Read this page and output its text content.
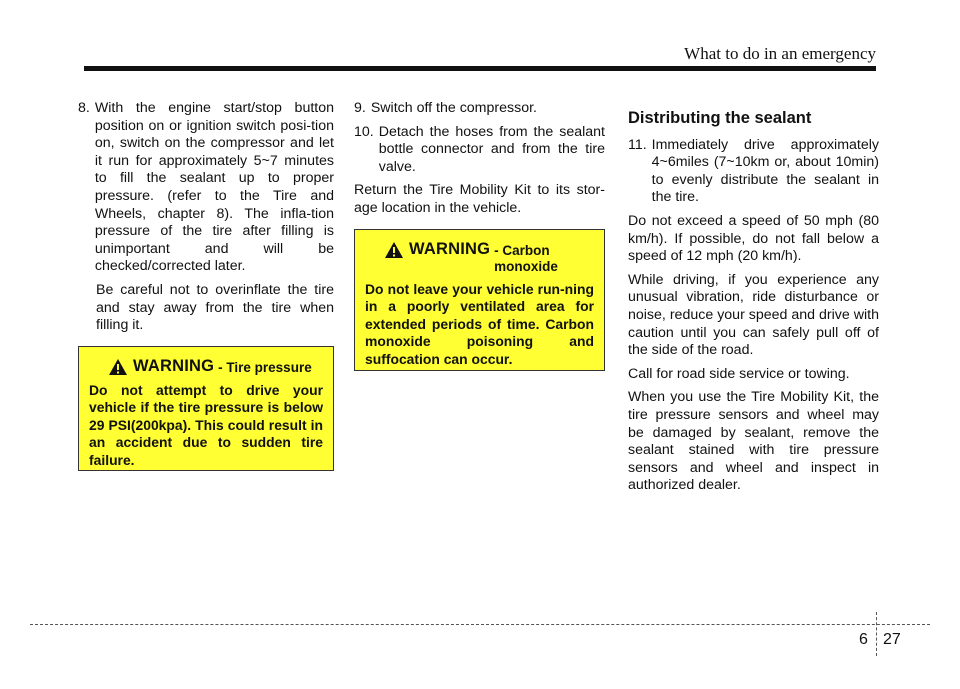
What to do in an emergency
8. With the engine start/stop button position on or ignition switch posi-tion on, switch on the compressor and let it run for approximately 5~7 minutes to fill the sealant up to proper pressure. (refer to the Tire and Wheels, chapter 8). The infla-tion pressure of the tire after filling is unimportant and will be checked/corrected later.

Be careful not to overinflate the tire and stay away from the tire when filling it.

WARNING - Tire pressure
Do not attempt to drive your vehicle if the tire pressure is below 29 PSI(200kpa). This could result in an accident due to sudden tire failure.
9. Switch off the compressor.
10. Detach the hoses from the sealant bottle connector and from the tire valve.

Return the Tire Mobility Kit to its stor-age location in the vehicle.

WARNING - Carbon monoxide
Do not leave your vehicle run-ning in a poorly ventilated area for extended periods of time. Carbon monoxide poisoning and suffocation can occur.
Distributing the sealant
11. Immediately drive approximately 4~6miles (7~10km or, about 10min) to evenly distribute the sealant in the tire.

Do not exceed a speed of 50 mph (80 km/h). If possible, do not fall below a speed of 12 mph (20 km/h).

While driving, if you experience any unusual vibration, ride disturbance or noise, reduce your speed and drive with caution until you can safely pull off of the side of the road.

Call for road side service or towing.

When you use the Tire Mobility Kit, the tire pressure sensors and wheel may be damaged by sealant, remove the sealant stained with tire pressure sensors and wheel and inspect in authorized dealer.

6 27
